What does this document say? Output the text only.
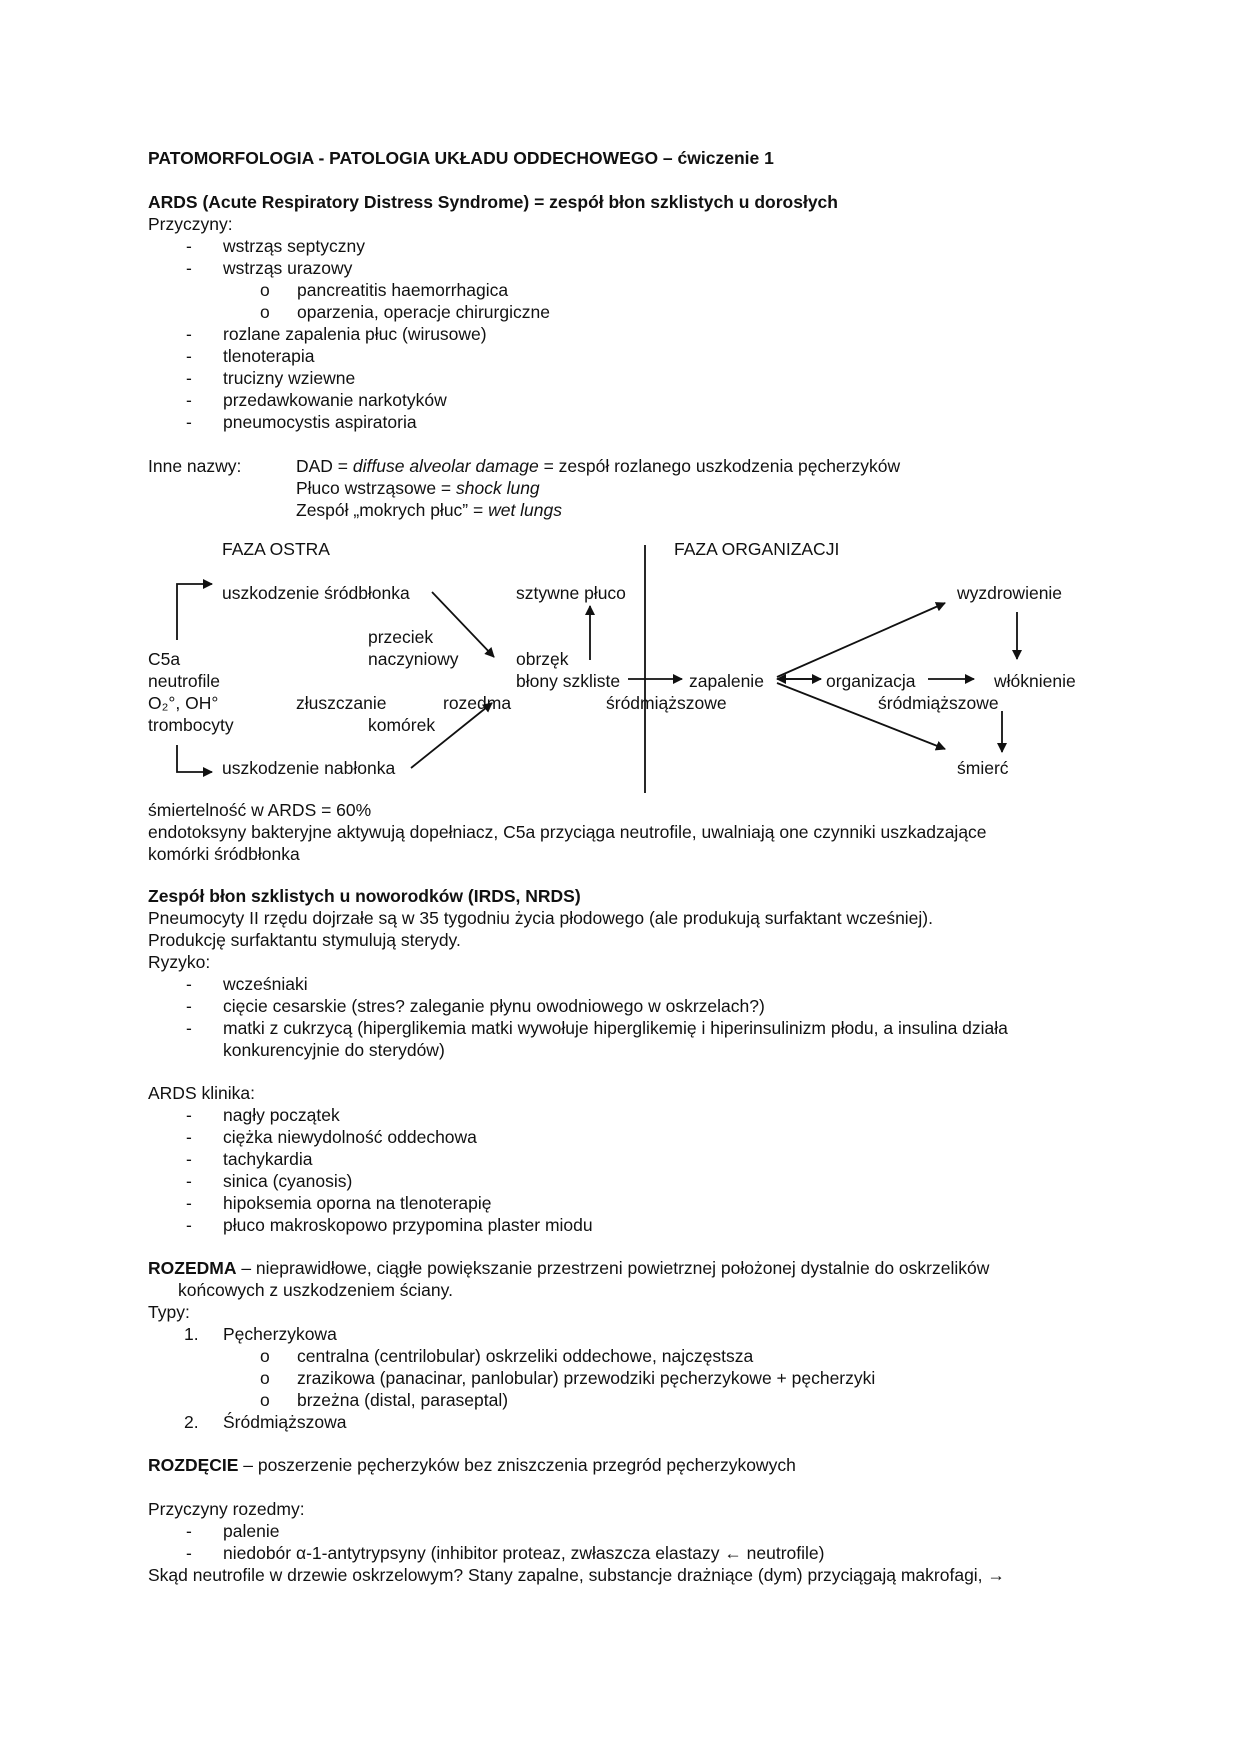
PATOMORFOLOGIA - PATOLOGIA UKŁADU ODDECHOWEGO – ćwiczenie 1
ARDS (Acute Respiratory Distress Syndrome) = zespół błon szklistych u dorosłych
Przyczyny:
- wstrząs septyczny
- wstrząs urazowy
o pancreatitis haemorrhagica
o oparzenia, operacje chirurgiczne
- rozlane zapalenia płuc (wirusowe)
- tlenoterapia
- trucizny wziewne
- przedawkowanie narkotyków
- pneumocystis aspiratoria
Inne nazwy:	DAD = diffuse alveolar damage = zespół rozlanego uszkodzenia pęcherzyków
Płuco wstrząsowe = shock lung
Zespół „mokrych płuc” = wet lungs
FAZA OSTRA	FAZA ORGANIZACJI
uszkodzenie śródbłonka	sztywne płuco	wyzdrowienie
przeciek
naczyniowy
C5a	obrzęk
neutrofile	błony szkliste	zapalenie	organizacja	włóknienie
O₂°, OH°	złuszczanie	rozedma	śródmiąższowe	śródmiąższowe
trombocyty	komórek
uszkodzenie nabłonka	śmierć
śmiertelność w ARDS = 60%
endotoksyny bakteryjne aktywują dopełniacz, C5a przyciąga neutrofile, uwalniają one czynniki uszkadzające
komórki śródbłonka
Zespół błon szklistych u noworodków (IRDS, NRDS)
Pneumocyty II rzędu dojrzałe są w 35 tygodniu życia płodowego (ale produkują surfaktant wcześniej).
Produkcję surfaktantu stymulują sterydy.
Ryzyko:
- wcześniaki
- cięcie cesarskie (stres? zaleganie płynu owodniowego w oskrzelach?)
- matki z cukrzycą (hiperglikemia matki wywołuje hiperglikemię i hiperinsulinizm płodu, a insulina działa
konkurencyjnie do sterydów)
ARDS klinika:
- nagły początek
- ciężka niewydolność oddechowa
- tachykardia
- sinica (cyanosis)
- hipoksemia oporna na tlenoterapię
- płuco makroskopowo przypomina plaster miodu
ROZEDMA – nieprawidłowe, ciągłe powiększanie przestrzeni powietrznej położonej dystalnie do oskrzelików
końcowych z uszkodzeniem ściany.
Typy:
1. Pęcherzykowa
o centralna (centrilobular) oskrzeliki oddechowe, najczęstsza
o zrazikowa (panacinar, panlobular) przewodziki pęcherzykowe + pęcherzyki
o brzeżna (distal, paraseptal)
2. Śródmiąższowa
ROZDĘCIE – poszerzenie pęcherzyków bez zniszczenia przegród pęcherzykowych
Przyczyny rozedmy:
- palenie
- niedobór α-1-antytrypsyny (inhibitor proteaz, zwłaszcza elastazy ← neutrofile)
Skąd neutrofile w drzewie oskrzelowym? Stany zapalne, substancje drażniące (dym) przyciągają makrofagi, →
